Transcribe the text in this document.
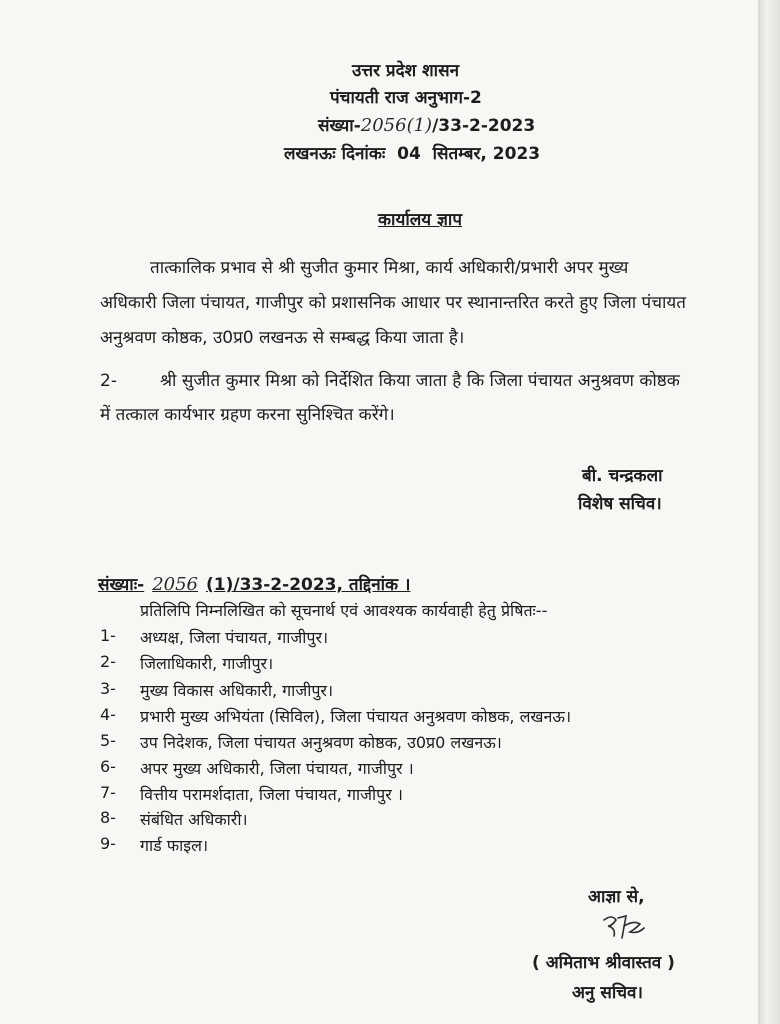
उत्तर प्रदेश शासन
पंचायती राज अनुभाग-2
संख्या-2056(1)/33-2-2023
लखनऊः दिनांकः  04  सितम्बर, 2023
कार्यालय ज्ञाप
तात्कालिक प्रभाव से श्री सुजीत कुमार मिश्रा, कार्य अधिकारी/प्रभारी अपर मुख्य
अधिकारी जिला पंचायत, गाजीपुर को प्रशासनिक आधार पर स्थानान्तरित करते हुए जिला पंचायत
अनुश्रवण कोष्ठक, उ0प्र0 लखनऊ से सम्बद्ध किया जाता है।
2-	श्री सुजीत कुमार मिश्रा को निर्देशित किया जाता है कि जिला पंचायत अनुश्रवण कोष्ठक
में तत्काल कार्यभार ग्रहण करना सुनिश्चित करेंगे।
बी. चन्द्रकला
विशेष सचिव।
संख्याः- 2056 (1)/33-2-2023, तद्दिनांक ।
प्रतिलिपि निम्नलिखित को सूचनार्थ एवं आवश्यक कार्यवाही हेतु प्रेषितः--
1- अध्यक्ष, जिला पंचायत, गाजीपुर।
2- जिलाधिकारी, गाजीपुर।
3- मुख्य विकास अधिकारी, गाजीपुर।
4- प्रभारी मुख्य अभियंता (सिविल), जिला पंचायत अनुश्रवण कोष्ठक, लखनऊ।
5- उप निदेशक, जिला पंचायत अनुश्रवण कोष्ठक, उ0प्र0 लखनऊ।
6- अपर मुख्य अधिकारी, जिला पंचायत, गाजीपुर ।
7- वित्तीय परामर्शदाता, जिला पंचायत, गाजीपुर ।
8- संबंधित अधिकारी।
9- गार्ड फाइल।
आज्ञा से,
( अमिताभ श्रीवास्तव )
अनु सचिव।
